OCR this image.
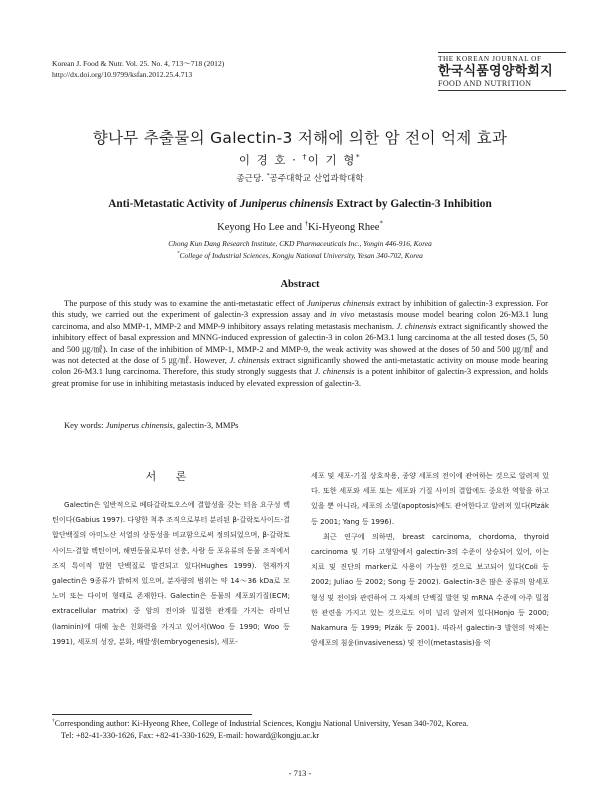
Korean J. Food & Nutr. Vol. 25. No. 4, 713～718 (2012)
http://dx.doi.org/10.9799/ksfan.2012.25.4.713
THE KOREAN JOURNAL OF
한국식품영양학회지
FOOD AND NUTRITION
향나무 추출물의 Galectin-3 저해에 의한 암 전이 억제 효과
이 경 호 · †이 기 형*
종근당. *공주대학교 산업과학대학
Anti-Metastatic Activity of Juniperus chinensis Extract by Galectin-3 Inhibition
Keyong Ho Lee and †Ki-Hyeong Rhee*
Chong Kun Dang Research Institute, CKD Pharmaceuticals Inc., Yongin 446-916, Korea
*College of Industrial Sciences, Kongju National University, Yesan 340-702, Korea
Abstract
The purpose of this study was to examine the anti-metastatic effect of Juniperus chinensis extract by inhibition of galectin-3 expression. For this study, we carried out the experiment of galectin-3 expression assay and in vivo metastasis mouse model bearing colon 26-M3.1 lung carcinoma, and also MMP-1, MMP-2 and MMP-9 inhibitory assays relating metastasis mechanism. J. chinensis extract significantly showed the inhibitory effect of basal expression and MNNG-induced expression of galectin-3 in colon 26-M3.1 lung carcinoma at the all tested doses (5, 50 and 500 ㎍/㎖). In case of the inhibition of MMP-1, MMP-2 and MMP-9, the weak activity was showed at the doses of 50 and 500 ㎍/㎖ and was not detected at the dose of 5 ㎍/㎖. However, J. chinensis extract significantly showed the anti-metastatic activity on mouse mode bearing colon 26-M3.1 lung carcinoma. Therefore, this study strongly suggests that J. chinensis is a potent inhibitor of galectin-3 expression, and holds great promise for use in inhibiting metastasis induced by elevated expression of galectin-3.
Key words: Juniperus chinensis, galectin-3, MMPs
서 론

Galectin은 일반적으로 베타갈락토오스에 결합성을 갖는 터음 요구성 렉틴이다(Gabius 1997). 다양한 척추 조직으로부터 분리된 β-갈락토사이드-결합단백질의 아미노산 서열의 상동성을 비교함으로써 정의되었으며, β-갈락토사이드-결합 렉틴이며, 해면동물로부터 선충, 사람 등 포유류의 동물 조직에서 조직 특이적 발현 단백질로 발견되고 있다(Hughes 1999). 현재까지 galectin은 9종류가 밝혀져 있으며, 분자량의 범위는 약 14～36 kDa로 모노머 또는 다이머 형태로 존재한다. Galectin은 동물의 세포외기질(ECM; extracellular matrix) 중 암의 전이와 밀접한 관계를 가지는 라미닌(laminin)에 대해 높은 친화력을 가지고 있어서(Woo 등 1990; Woo 등 1991), 세포의 성장, 분화, 배발생(embryogenesis), 세포-

세포 및 세포-기질 상호작용, 종양 세포의 전이에 관여하는 것으로 알려져 있다. 또한 세포와 세포 또는 세포와 기질 사이의 결합에도 중요한 역할을 하고 있을 뿐 아니라, 세포의 소멸(apoptosis)에도 관여한다고 알려져 있다(Plzák 등 2001; Yang 등 1996).

최근 연구에 의하면, breast carcinoma, chordoma, thyroid carcinoma 및 기타 고형암에서 galectin-3의 수준이 상승되어 있어, 이는 치료 및 진단의 marker로 사용이 가능한 것으로 보고되어 있다(Coli 등 2002; Juliao 등 2002; Song 등 2002). Galectin-3은 많은 종류의 암세포 형성 및 전이와 관련하여 그 자체의 단백질 발현 및 mRNA 수준에 아주 밀접한 관련을 가지고 있는 것으로도 이미 널리 알려져 있다(Honjo 등 2000; Nakamura 등 1999; Plzák 등 2001). 따라서 galectin-3 발현의 억제는 암세포의 침윤(invasiveness) 및 전이(metastasis)을 억

†Corresponding author: Ki-Hyeong Rhee, College of Industrial Sciences, Kongju National University, Yesan 340-702, Korea.
Tel: +82-41-330-1626, Fax: +82-41-330-1629, E-mail: howard@kongju.ac.kr
- 713 -
